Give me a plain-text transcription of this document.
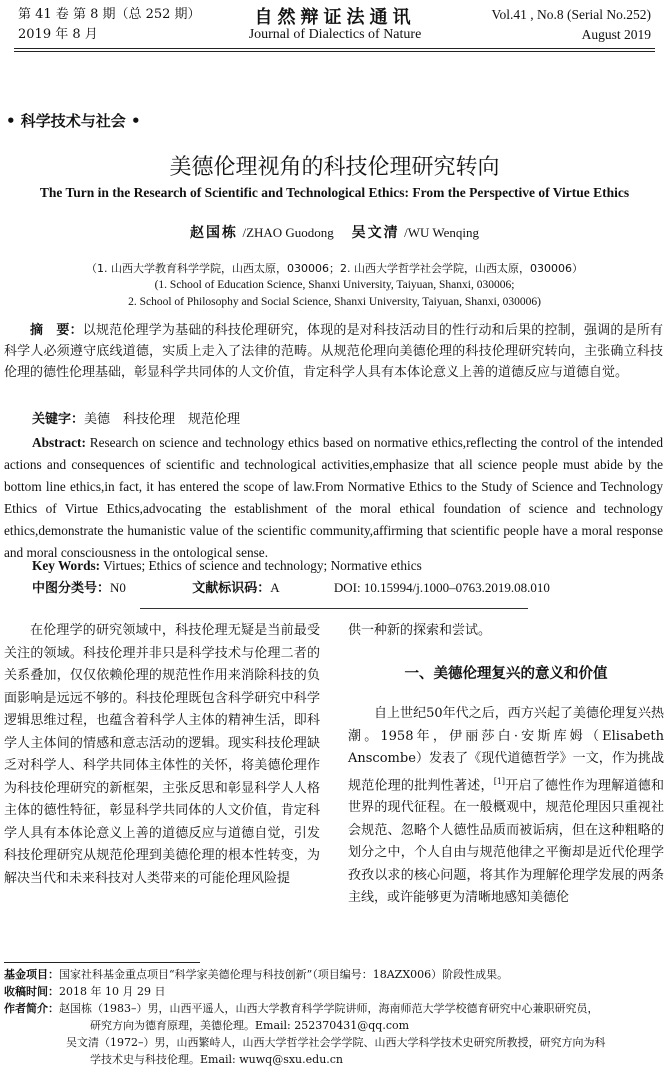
第 41 卷 第 8 期（总 252 期）
2019 年 8 月
自然辩证法通讯
Journal of Dialectics of Nature
Vol.41 , No.8 (Serial No.252)
August 2019
• 科学技术与社会 •
美德伦理视角的科技伦理研究转向
The Turn in the Research of Scientific and Technological Ethics: From the Perspective of Virtue Ethics
赵国栋 /ZHAO Guodong 吴文清 /WU Wenqing
（1. 山西大学教育科学学院，山西太原，030006；2. 山西大学哲学社会学院，山西太原，030006）
(1. School of Education Science, Shanxi University, Taiyuan, Shanxi, 030006;
2. School of Philosophy and Social Science, Shanxi University, Taiyuan, Shanxi, 030006)
摘　要：以规范伦理学为基础的科技伦理研究，体现的是对科技活动目的性行动和后果的控制，强调的是所有科学人必须遵守底线道德，实质上走入了法律的范畴。从规范伦理向美德伦理的科技伦理研究转向，主张确立科技伦理的德性伦理基础，彰显科学共同体的人文价值，肯定科学人具有本体论意义上善的道德反应与道德自觉。
关键字：美德　科技伦理　规范伦理
Abstract: Research on science and technology ethics based on normative ethics,reflecting the control of the intended actions and consequences of scientific and technological activities,emphasize that all science people must abide by the bottom line ethics,in fact, it has entered the scope of law.From Normative Ethics to the Study of Science and Technology Ethics of Virtue Ethics,advocating the establishment of the moral ethical foundation of science and technology ethics,demonstrate the humanistic value of the scientific community,affirming that scientific people have a moral response and moral consciousness in the ontological sense.
Key Words: Virtues; Ethics of science and technology; Normative ethics
中图分类号：N0	文献标识码：A	DOI: 10.15994/j.1000–0763.2019.08.010

在伦理学的研究领域中，科技伦理无疑是当前最受关注的领域。科技伦理并非只是科学技术与伦理二者的关系叠加，仅仅依赖伦理的规范性作用来消除科技的负面影响是远远不够的。科技伦理既包含科学研究中科学逻辑思维过程，也蕴含着科学人主体的精神生活，即科学人主体间的情感和意志活动的逻辑。现实科技伦理缺乏对科学人、科学共同体主体性的关怀，将美德伦理作为科技伦理研究的新框架，主张反思和彰显科学人人格主体的德性特征，彰显科学共同体的人文价值，肯定科学人具有本体论意义上善的道德反应与道德自觉，引发科技伦理研究从规范伦理到美德伦理的根本性转变，为解决当代和未来科技对人类带来的可能伦理风险提

供一种新的探索和尝试。
一、美德伦理复兴的意义和价值

自上世纪50年代之后，西方兴起了美德伦理复兴热潮。1958年，伊丽莎白·安斯库姆（Elisabeth Anscombe）发表了《现代道德哲学》一文，作为挑战规范伦理的批判性著述，[1]开启了德性作为理解道德和世界的现代征程。在一般概观中，规范伦理因只重视社会规范、忽略个人德性品质而被诟病，但在这种粗略的划分之中，个人自由与规范他律之平衡却是近代伦理学孜孜以求的核心问题，将其作为理解伦理学发展的两条主线，或许能够更为清晰地感知美德伦

基金项目：国家社科基金重点项目“科学家美德伦理与科技创新”（项目编号：18AZX006）阶段性成果。
收稿时间：2018 年 10 月 29 日
作者简介：赵国栋（1983–）男，山西平遥人，山西大学教育科学学院讲师，海南师范大学学校德育研究中心兼职研究员，
研究方向为德育原理，美德伦理。Email: 252370431@qq.com
吴文清（1972–）男，山西繁峙人，山西大学哲学社会学学院、山西大学科学技术史研究所教授，研究方向为科
学技术史与科技伦理。Email: wuwq@sxu.edu.cn
